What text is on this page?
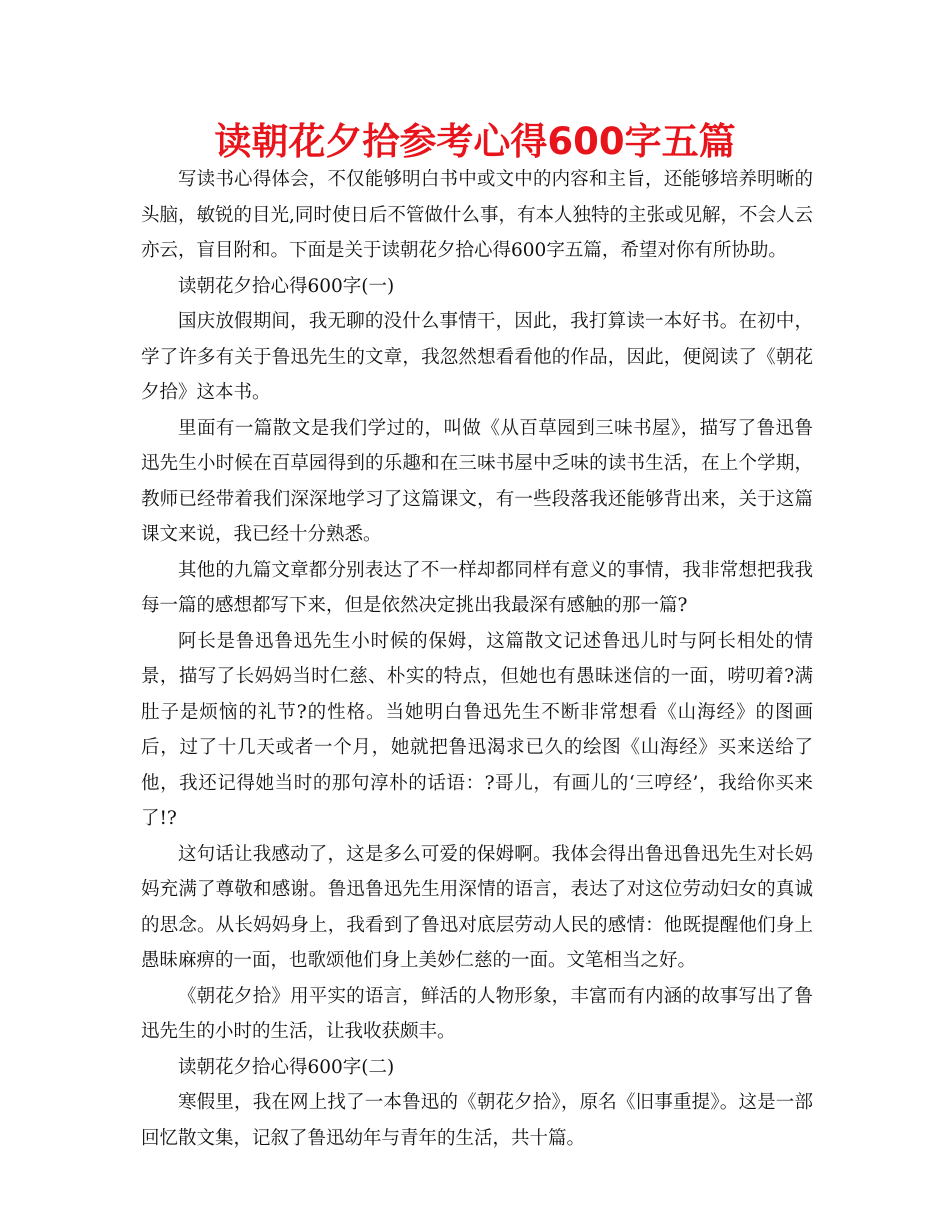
读朝花夕拾参考心得600字五篇

写读书心得体会，不仅能够明白书中或文中的内容和主旨，还能够培养明晰的头脑，敏锐的目光,同时使日后不管做什么事，有本人独特的主张或见解，不会人云亦云，盲目附和。下面是关于读朝花夕拾心得600字五篇，希望对你有所协助。

读朝花夕拾心得600字(一)

国庆放假期间，我无聊的没什么事情干，因此，我打算读一本好书。在初中，学了许多有关于鲁迅先生的文章，我忽然想看看他的作品，因此，便阅读了《朝花夕拾》这本书。

里面有一篇散文是我们学过的，叫做《从百草园到三味书屋》，描写了鲁迅鲁迅先生小时候在百草园得到的乐趣和在三味书屋中乏味的读书生活，在上个学期，教师已经带着我们深深地学习了这篇课文，有一些段落我还能够背出来，关于这篇课文来说，我已经十分熟悉。

其他的九篇文章都分别表达了不一样却都同样有意义的事情，我非常想把我我每一篇的感想都写下来，但是依然决定挑出我最深有感触的那一篇?

阿长是鲁迅鲁迅先生小时候的保姆，这篇散文记述鲁迅儿时与阿长相处的情景，描写了长妈妈当时仁慈、朴实的特点，但她也有愚昧迷信的一面，唠叨着?满肚子是烦恼的礼节?的性格。当她明白鲁迅先生不断非常想看《山海经》的图画后，过了十几天或者一个月，她就把鲁迅渴求已久的绘图《山海经》买来送给了他，我还记得她当时的那句淳朴的话语：?哥儿，有画儿的‘三哼经’，我给你买来了!?

这句话让我感动了，这是多么可爱的保姆啊。我体会得出鲁迅鲁迅先生对长妈妈充满了尊敬和感谢。鲁迅鲁迅先生用深情的语言，表达了对这位劳动妇女的真诚的思念。从长妈妈身上，我看到了鲁迅对底层劳动人民的感情：他既提醒他们身上愚昧麻痹的一面，也歌颂他们身上美妙仁慈的一面。文笔相当之好。

《朝花夕拾》用平实的语言，鲜活的人物形象，丰富而有内涵的故事写出了鲁迅先生的小时的生活，让我收获颇丰。

读朝花夕拾心得600字(二)

寒假里，我在网上找了一本鲁迅的《朝花夕拾》，原名《旧事重提》。这是一部回忆散文集，记叙了鲁迅幼年与青年的生活，共十篇。
